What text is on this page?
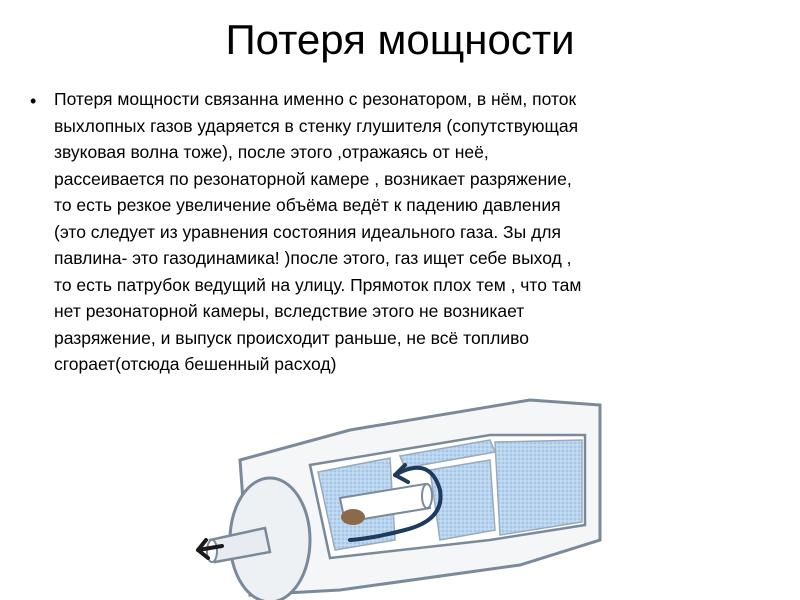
Потеря мощности
• Потеря мощности связанна именно с резонатором, в нём, поток
выхлопных газов ударяется в стенку глушителя (сопутствующая
звуковая волна тоже), после этого ,отражаясь от неё,
рассеивается по резонаторной камере , возникает разряжение,
то есть резкое увеличение объёма ведёт к падению давления
(это следует из уравнения состояния идеального газа. Зы для
павлина- это газодинамика! )после этого, газ ищет себе выход ,
то есть патрубок ведущий на улицу. Прямоток плох тем , что там
нет резонаторной камеры, вследствие этого не возникает
разряжение, и выпуск происходит раньше, не всё топливо
сгорает(отсюда бешенный расход)
